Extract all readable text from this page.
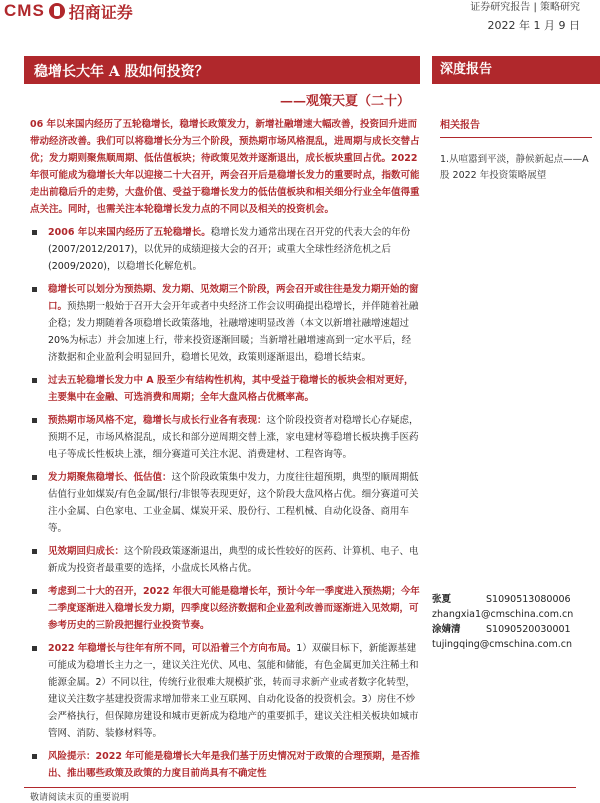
CMS 招商证券	证券研究报告 | 策略研究
2022 年 1 月 9 日
稳增长大年 A 股如何投资？
——观策天夏（二十）
06 年以来国内经历了五轮稳增长，稳增长政策发力，新增社融增速大幅改善，投资回升进而带动经济改善。我们可以将稳增长分为三个阶段，预热期市场风格混乱，进周期与成长交替占优；发力期则聚焦顺周期、低估值板块；待政策见效并逐渐退出，成长板块重回占优。2022 年很可能成为稳增长大年以迎接二十大召开，两会召开后是稳增长发力的重要时点，指数可能走出前稳后升的走势，大盘价值、受益于稳增长发力的低估值板块和相关细分行业全年值得重点关注。同时，也需关注本轮稳增长发力点的不同以及相关的投资机会。
2006 年以来国内经历了五轮稳增长。稳增长发力通常出现在召开党的代表大会的年份(2007/2012/2017)，以优异的成绩迎接大会的召开；或重大全球性经济危机之后(2009/2020)，以稳增长化解危机。
稳增长可以划分为预热期、发力期、见效期三个阶段，两会召开或往往是发力期开始的窗口。预热期一般始于召开大会开年或者中央经济工作会议明确提出稳增长，并伴随着社融企稳；发力期随着各项稳增长政策落地，社融增速明显改善（本文以新增社融增速超过 20%为标志）并会加速上行，带来投资逐渐回暖；当新增社融增速高到一定水平后，经济数据和企业盈利会明显回升，稳增长见效，政策则逐渐退出，稳增长结束。
过去五轮稳增长发力中 A 股至少有结构性机构，其中受益于稳增长的板块会相对更好，主要集中在金融、可选消费和周期；全年大盘风格占优概率高。
预热期市场风格不定，稳增长与成长行业各有表现：这个阶段投资者对稳增长心存疑虑，预期不足，市场风格混乱，成长和部分逆周期交替上涨，家电建材等稳增长板块携手医药电子等成长性板块上涨，细分赛道可关注水泥、消费建材、工程咨询等。
发力期聚焦稳增长、低估值：这个阶段政策集中发力，力度往往超预期，典型的顺周期低估值行业如煤炭/有色金属/银行/非银等表现更好，这个阶段大盘风格占优。细分赛道可关注小金属、白色家电、工业金属、煤炭开采、股份行、工程机械、自动化设备、商用车等。
见效期回归成长：这个阶段政策逐渐退出，典型的成长性较好的医药、计算机、电子、电新成为投资者最重要的选择，小盘成长风格占优。
考虑到二十大的召开，2022 年很大可能是稳增长年，预计今年一季度进入预热期；今年二季度逐渐进入稳增长发力期，四季度以经济数据和企业盈利改善而逐渐进入见效期，可参考历史的三阶段把握行业投资节奏。
2022 年稳增长与往年有所不同，可以沿着三个方向布局。1）双碳目标下，新能源基建可能成为稳增长主力之一，建议关注光伏、风电、氢能和储能，有色金属更加关注稀土和能源金属。2）不同以往，传统行业很难大规模扩张，转而寻求新产业或者数字化转型，建议关注数字基建投资需求增加带来工业互联网、自动化设备的投资机会。3）房住不炒会严格执行，但保障房建设和城市更新成为稳地产的重要抓手，建议关注相关板块如城市管网、消防、装修材料等。
风险提示：2022 年可能是稳增长大年是我们基于历史情况对于政策的合理预期，是否推出、推出哪些政策及政策的力度目前尚具有不确定性
深度报告
相关报告
1.从喧嚣到平淡，静候新起点——A 股 2022 年投资策略展望
张夏	S1090513080006
zhangxia1@cmschina.com.cn
涂婧清	S1090520030001
tujingqing@cmschina.com.cn
敬请阅读末页的重要说明
